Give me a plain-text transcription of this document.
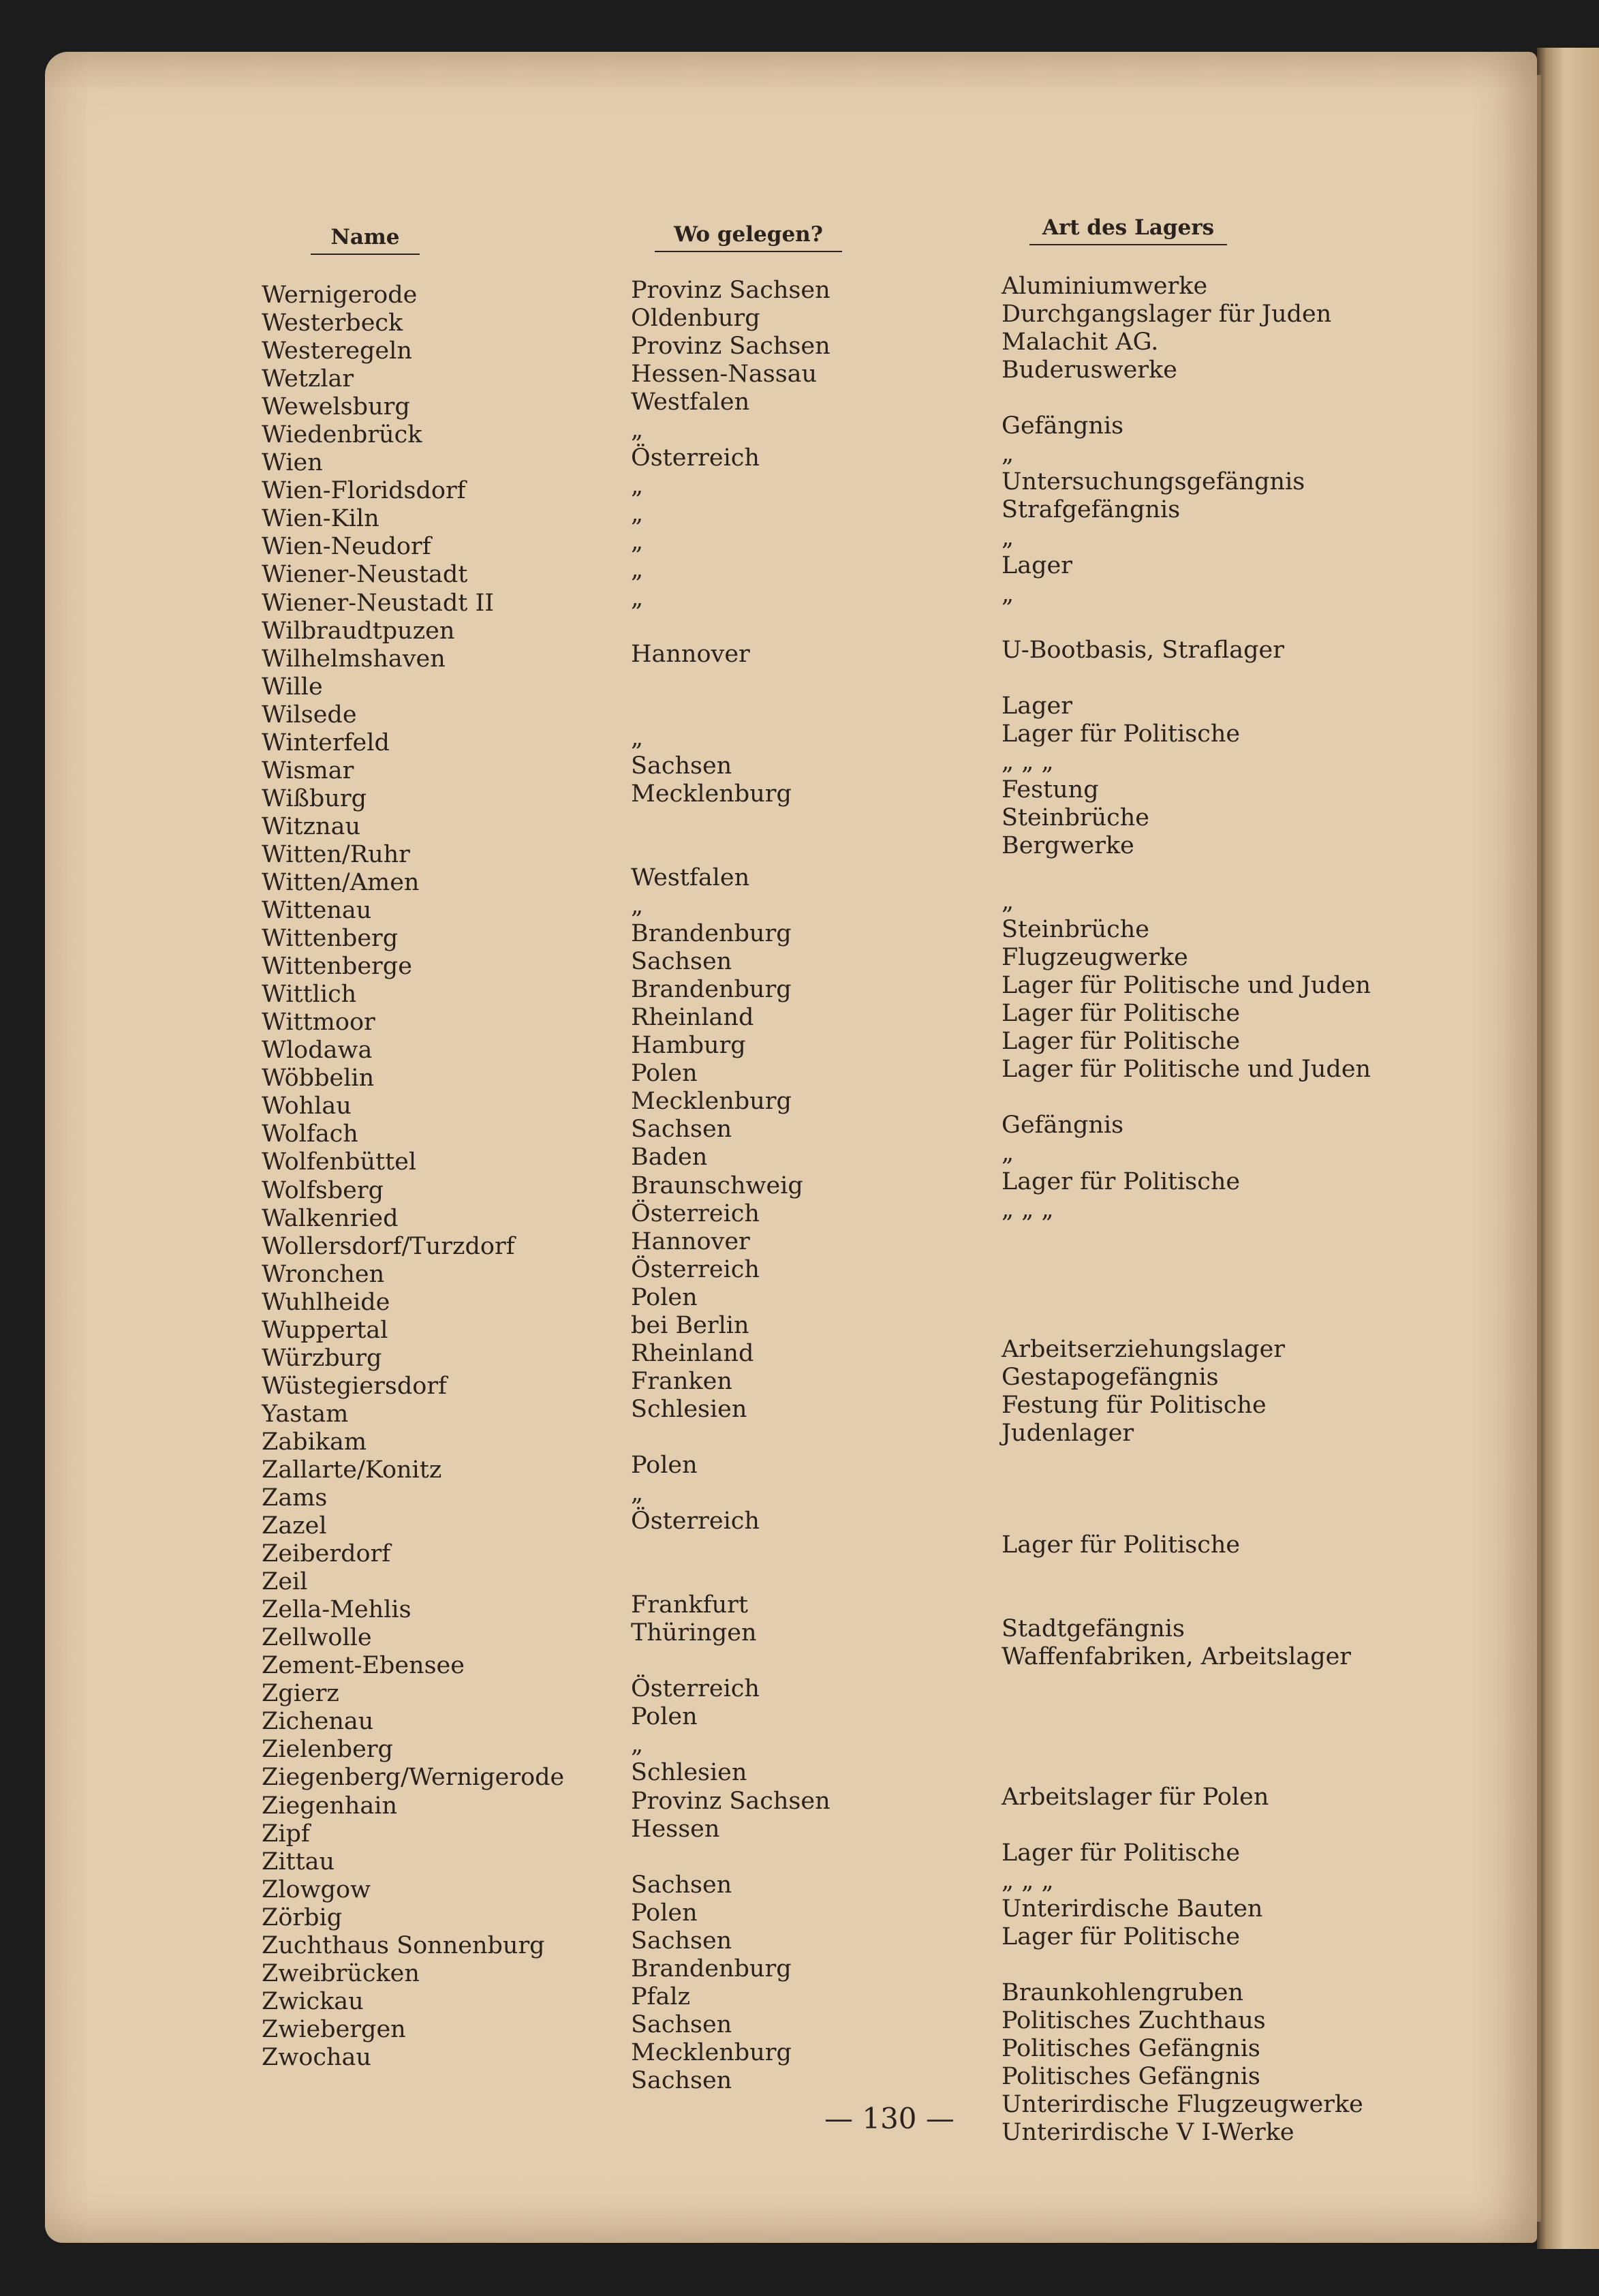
Name	Wo gelegen?	Art des Lagers
Wernigerode
Westerbeck
Westeregeln
Wetzlar
Wewelsburg
Wiedenbrück
Wien
Wien-Floridsdorf
Wien-Kiln
Wien-Neudorf
Wiener-Neustadt
Wiener-Neustadt II
Wilbraudtpuzen
Wilhelmshaven
Wille
Wilsede
Winterfeld
Wismar
Wißburg
Witznau
Witten/Ruhr
Witten/Amen
Wittenau
Wittenberg
Wittenberge
Wittlich
Wittmoor
Wlodawa
Wöbbelin
Wohlau
Wolfach
Wolfenbüttel
Wolfsberg
Walkenried
Wollersdorf/Turzdorf
Wronchen
Wuhlheide
Wuppertal
Würzburg
Wüstegiersdorf
Yastam
Zabikam
Zallarte/Konitz
Zams
Zazel
Zeiberdorf
Zeil
Zella-Mehlis
Zellwolle
Zement-Ebensee
Zgierz
Zichenau
Zielenberg
Ziegenberg/Wernigerode
Ziegenhain
Zipf
Zittau
Zlowgow
Zörbig
Zuchthaus Sonnenburg
Zweibrücken
Zwickau
Zwiebergen
Zwochau
Provinz Sachsen
Oldenburg
Provinz Sachsen
Hessen-Nassau
Westfalen
„
Österreich
„
„
„
„
„
Hannover
„
Sachsen
Mecklenburg
Westfalen
„
Brandenburg
Sachsen
Brandenburg
Rheinland
Hamburg
Polen
Mecklenburg
Sachsen
Baden
Braunschweig
Österreich
Hannover
Österreich
Polen
bei Berlin
Rheinland
Franken
Schlesien
Polen
„
Österreich
Frankfurt
Thüringen
Österreich
Polen
„
Schlesien
Provinz Sachsen
Hessen
Sachsen
Polen
Sachsen
Brandenburg
Pfalz
Sachsen
Mecklenburg
Sachsen
Aluminiumwerke
Durchgangslager für Juden
Malachit AG.
Buderuswerke
Gefängnis
„
Untersuchungsgefängnis
Strafgefängnis
„
Lager
„
U-Bootbasis, Straflager
Lager
Lager für Politische
„ „ „
Festung
Steinbrüche
Bergwerke
„
Steinbrüche
Flugzeugwerke
Lager für Politische und Juden
Lager für Politische
Lager für Politische
Lager für Politische und Juden
Gefängnis
„
Lager für Politische
„ „ „
Arbeitserziehungslager
Gestapogefängnis
Festung für Politische
Judenlager
Lager für Politische
Stadtgefängnis
Waffenfabriken, Arbeitslager
Arbeitslager für Polen
Lager für Politische
„ „ „
Unterirdische Bauten
Lager für Politische
Braunkohlengruben
Politisches Zuchthaus
Politisches Gefängnis
Politisches Gefängnis
Unterirdische Flugzeugwerke
Unterirdische V I-Werke
— 130 —
